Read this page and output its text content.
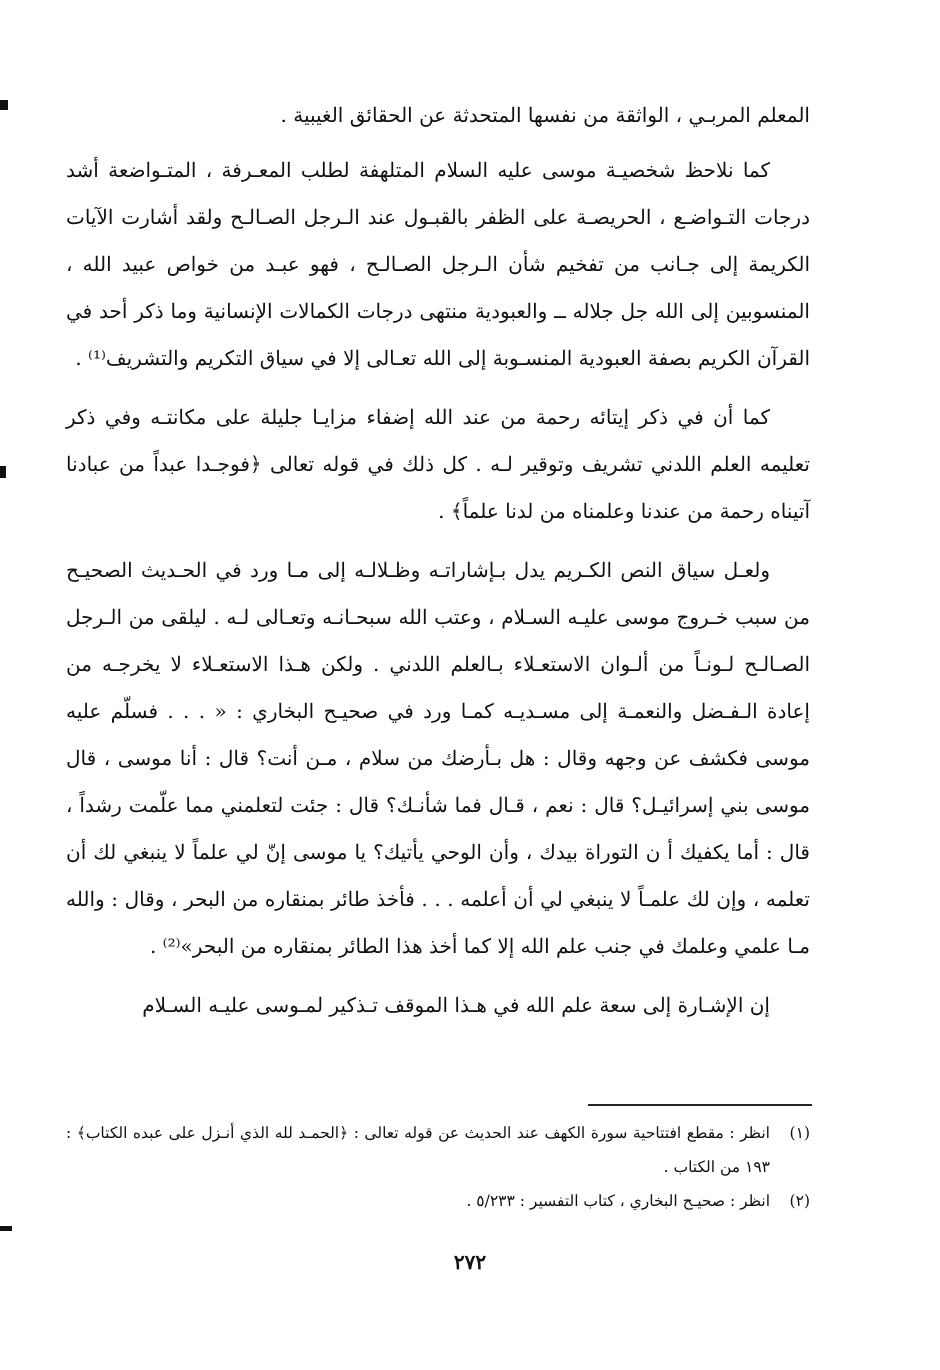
المعلم المربـي ، الواثقة من نفسها المتحدثة عن الحقائق الغيبية .

كما نلاحظ شخصيـة موسى عليه السلام المتلهفة لطلب المعـرفة ، المتـواضعة أشد درجات التـواضـع ، الحريصـة على الظفر بالقبـول عند الـرجل الصـالـح ولقد أشارت الآيات الكريمة إلى جـانب من تفخيم شأن الـرجل الصـالـح ، فهو عبـد من خواص عبيد الله ، المنسوبين إلى الله جل جلاله ــ والعبودية منتهى درجات الكمالات الإنسانية وما ذكر أحد في القرآن الكريم بصفة العبودية المنسـوبة إلى الله تعـالى إلا في سياق التكريم والتشريف⁽¹⁾ .

كما أن في ذكر إيتائه رحمة من عند الله إضفاء مزايـا جليلة على مكانتـه وفي ذكر تعليمه العلم اللدني تشريف وتوقير لـه . كل ذلك في قوله تعالى ﴿فوجـدا عبداً من عبادنا آتيناه رحمة من عندنا وعلمناه من لدنا علماً﴾ .

ولعـل سياق النص الكـريم يدل بـإشاراتـه وظـلالـه إلى مـا ورد في الحـديث الصحيـح من سبب خـروج موسى عليـه السـلام ، وعتب الله سبحـانـه وتعـالى لـه . ليلقى من الـرجل الصـالـح لـونـاً من ألـوان الاستعـلاء بـالعلم اللدني . ولكن هـذا الاستعـلاء لا يخرجـه من إعادة الـفـضل والنعمـة إلى مسـديـه كمـا ورد في صحيـح البخاري : « . . . فسلّم عليه موسى فكشف عن وجهه وقال : هل بـأرضك من سلام ، مـن أنت؟ قال : أنا موسى ، قال موسى بني إسرائيـل؟ قال : نعم ، قـال فما شأنـك؟ قال : جئت لتعلمني مما علّمت رشداً ، قال : أما يكفيك أ ن التوراة بيدك ، وأن الوحي يأتيك؟ يا موسى إنّ لي علماً لا ينبغي لك أن تعلمه ، وإن لك علمـاً لا ينبغي لي أن أعلمه . . . فأخذ طائر بمنقاره من البحر ، وقال : والله مـا علمي وعلمك في جنب علم الله إلا كما أخذ هذا الطائر بمنقاره من البحر»⁽²⁾ .

إن الإشـارة إلى سعة علم الله في هـذا الموقف تـذكير لمـوسى عليـه السـلام

(١)
انظر : مقطع افتتاحية سورة الكهف عند الحديث عن قوله تعالى : ﴿الحمـد لله الذي أنـزل على عبده الكتاب﴾ : ١٩٣ من الكتاب .
(٢)
انظر : صحيـح البخاري ، كتاب التفسير : ٥/٢٣٣ .
٢٧٢
